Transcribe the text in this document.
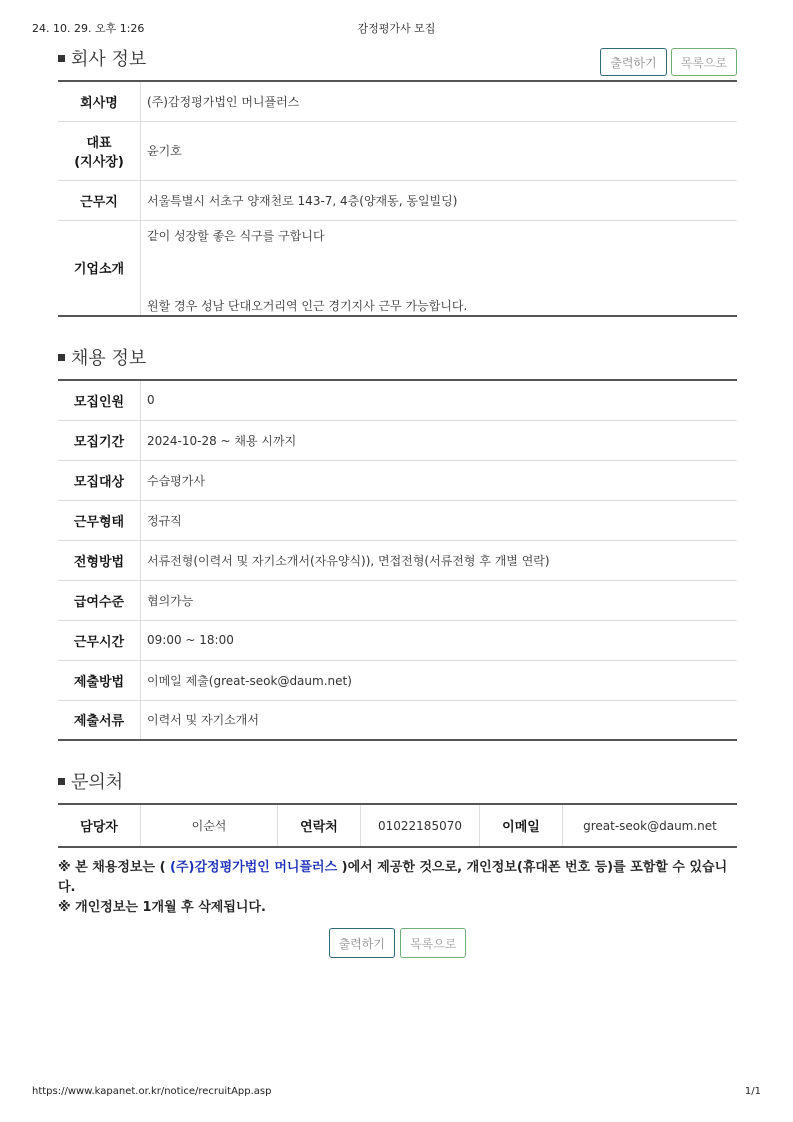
24. 10. 29. 오후 1:26	감정평가사 모집
회사 정보	출력하기	목록으로
회사명	(주)감정평가법인 머니플러스
대표
(지사장)	윤기호
근무지	서울특별시 서초구 양재천로 143-7, 4층(양재동, 동일빌딩)
기업소개	같이 성장할 좋은 식구를 구합니다
원할 경우 성남 단대오거리역 인근 경기지사 근무 가능합니다.
채용 정보
모집인원	0
모집기간	2024-10-28 ~ 채용 시까지
모집대상	수습평가사
근무형태	정규직
전형방법	서류전형(이력서 및 자기소개서(자유양식)), 면접전형(서류전형 후 개별 연락)
급여수준	협의가능
근무시간	09:00 ~ 18:00
제출방법	이메일 제출(great-seok@daum.net)
제출서류	이력서 및 자기소개서
문의처
담당자	이순석	연락처	01022185070	이메일	great-seok@daum.net
※ 본 채용정보는 ( (주)감정평가법인 머니플러스 )에서 제공한 것으로, 개인정보(휴대폰 번호 등)를 포함할 수 있습니다.
※ 개인정보는 1개월 후 삭제됩니다.
출력하기 목록으로
https://www.kapanet.or.kr/notice/recruitApp.asp	1/1
